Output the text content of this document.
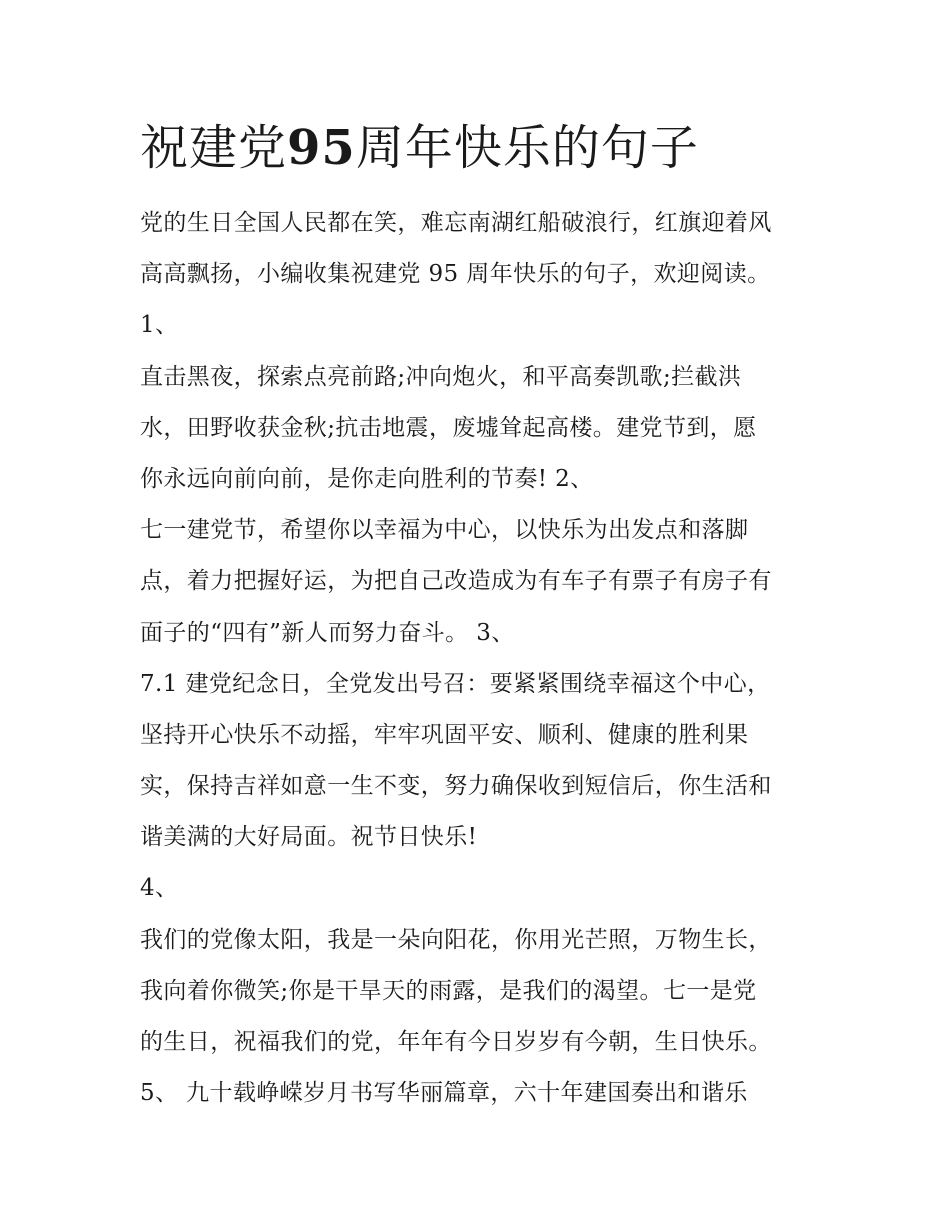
祝建党95周年快乐的句子
党的生日全国人民都在笑，难忘南湖红船破浪行，红旗迎着风
高高飘扬，小编收集祝建党 95 周年快乐的句子，欢迎阅读。
1、
直击黑夜，探索点亮前路;冲向炮火，和平高奏凯歌;拦截洪
水，田野收获金秋;抗击地震，废墟耸起高楼。建党节到，愿
你永远向前向前，是你走向胜利的节奏! 2、
七一建党节，希望你以幸福为中心，以快乐为出发点和落脚
点，着力把握好运，为把自己改造成为有车子有票子有房子有
面子的“四有”新人而努力奋斗。 3、
7.1 建党纪念日，全党发出号召：要紧紧围绕幸福这个中心，
坚持开心快乐不动摇，牢牢巩固平安、顺利、健康的胜利果
实，保持吉祥如意一生不变，努力确保收到短信后，你生活和
谐美满的大好局面。祝节日快乐!
4、
我们的党像太阳，我是一朵向阳花，你用光芒照，万物生长，
我向着你微笑;你是干旱天的雨露，是我们的渴望。七一是党
的生日，祝福我们的党，年年有今日岁岁有今朝，生日快乐。
5、 九十载峥嵘岁月书写华丽篇章，六十年建国奏出和谐乐
